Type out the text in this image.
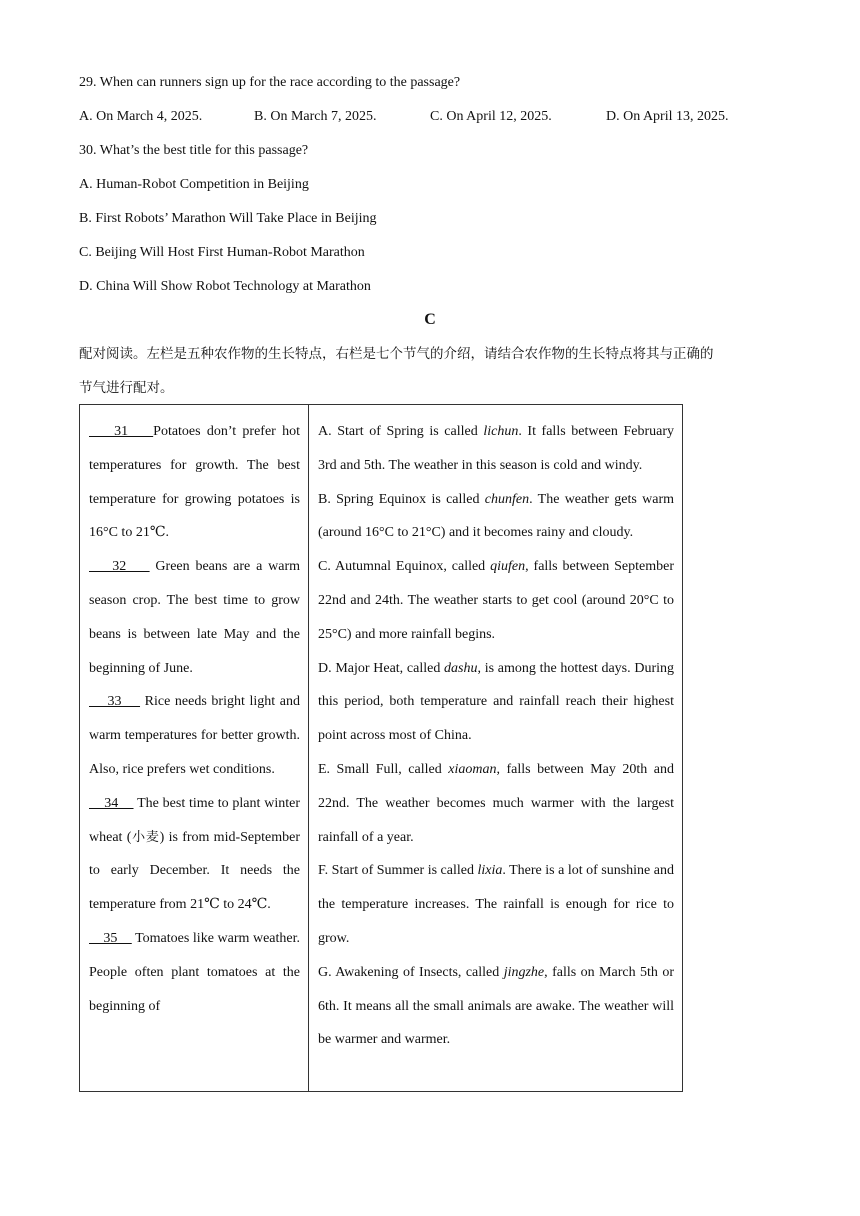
29. When can runners sign up for the race according to the passage?
A. On March 4, 2025.	B. On March 7, 2025.	C. On April 12, 2025.	D. On April 13, 2025.
30. What’s the best title for this passage?
A. Human-Robot Competition in Beijing
B. First Robots’ Marathon Will Take Place in Beijing
C. Beijing Will Host First Human-Robot Marathon
D. China Will Show Robot Technology at Marathon
C
配对阅读。左栏是五种农作物的生长特点，右栏是七个节气的介绍，请结合农作物的生长特点将其与正确的
节气进行配对。
31    Potatoes don’t prefer hot temperatures for growth. The best temperature for growing potatoes is 16°C to 21℃.
32     Green beans are a warm season crop. The best time to grow beans is between late May and the beginning of June.
33     Rice needs bright light and warm temperatures for better growth. Also, rice prefers wet conditions.
34     The best time to plant winter wheat (小麦) is from mid-September to early December. It needs the temperature from 21℃ to 24℃.
35     Tomatoes like warm weather. People often plant tomatoes at the beginning of

A. Start of Spring is called lichun. It falls between February 3rd and 5th. The weather in this season is cold and windy.
B. Spring Equinox is called chunfen. The weather gets warm (around 16°C to 21°C) and it becomes rainy and cloudy.
C. Autumnal Equinox, called qiufen, falls between September 22nd and 24th. The weather starts to get cool (around 20°C to 25°C) and more rainfall begins.
D. Major Heat, called dashu, is among the hottest days. During this period, both temperature and rainfall reach their highest point across most of China.
E. Small Full, called xiaoman, falls between May 20th and 22nd. The weather becomes much warmer with the largest rainfall of a year.
F. Start of Summer is called lixia. There is a lot of sunshine and the temperature increases. The rainfall is enough for rice to grow.
G. Awakening of Insects, called jingzhe, falls on March 5th or 6th. It means all the small animals are awake. The weather will be warmer and warmer.
